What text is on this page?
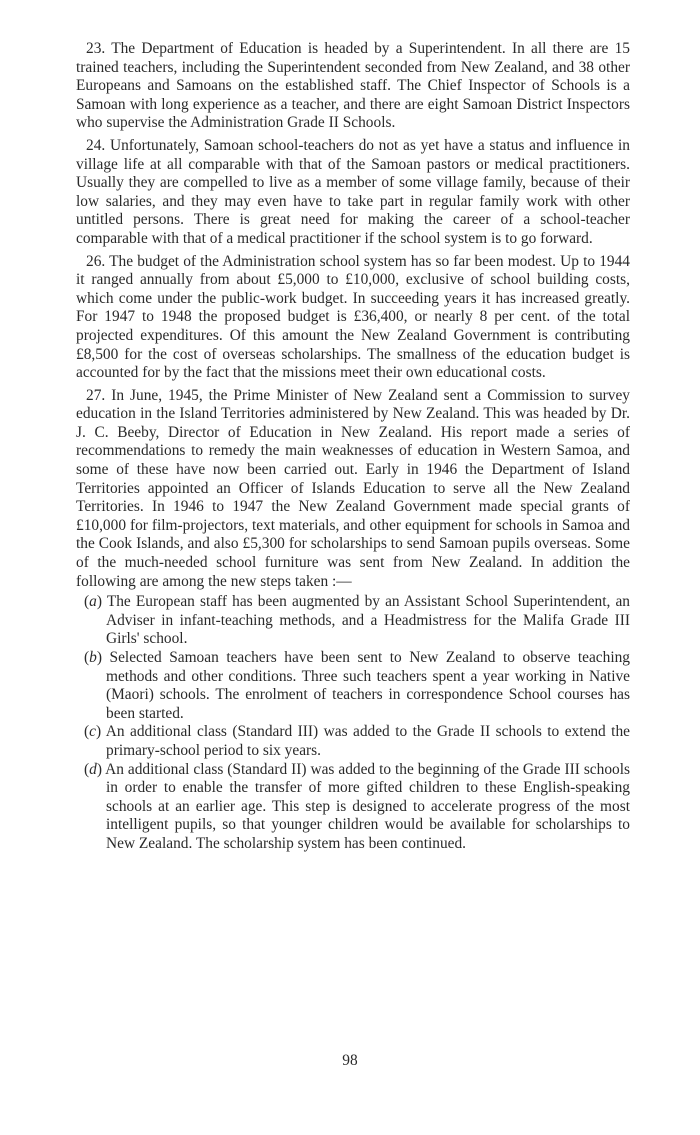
23. The Department of Education is headed by a Superintendent. In all there are 15 trained teachers, including the Superintendent seconded from New Zealand, and 38 other Europeans and Samoans on the established staff. The Chief Inspector of Schools is a Samoan with long experience as a teacher, and there are eight Samoan District Inspectors who supervise the Administration Grade II Schools.

24. Unfortunately, Samoan school-teachers do not as yet have a status and influence in village life at all comparable with that of the Samoan pastors or medical practitioners. Usually they are compelled to live as a member of some village family, because of their low salaries, and they may even have to take part in regular family work with other untitled persons. There is great need for making the career of a school-teacher comparable with that of a medical practitioner if the school system is to go forward.

26. The budget of the Administration school system has so far been modest. Up to 1944 it ranged annually from about £5,000 to £10,000, exclusive of school building costs, which come under the public-work budget. In succeeding years it has increased greatly. For 1947 to 1948 the proposed budget is £36,400, or nearly 8 per cent. of the total projected expenditures. Of this amount the New Zealand Government is contributing £8,500 for the cost of overseas scholarships. The smallness of the education budget is accounted for by the fact that the missions meet their own educational costs.

27. In June, 1945, the Prime Minister of New Zealand sent a Commission to survey education in the Island Territories administered by New Zealand. This was headed by Dr. J. C. Beeby, Director of Education in New Zealand. His report made a series of recommendations to remedy the main weaknesses of education in Western Samoa, and some of these have now been carried out. Early in 1946 the Department of Island Territories appointed an Officer of Islands Education to serve all the New Zealand Territories. In 1946 to 1947 the New Zealand Government made special grants of £10,000 for film-projectors, text materials, and other equipment for schools in Samoa and the Cook Islands, and also £5,300 for scholarships to send Samoan pupils overseas. Some of the much-needed school furniture was sent from New Zealand. In addition the following are among the new steps taken :—

(a) The European staff has been augmented by an Assistant School Superintendent, an Adviser in infant-teaching methods, and a Headmistress for the Malifa Grade III Girls' school.
(b) Selected Samoan teachers have been sent to New Zealand to observe teaching methods and other conditions. Three such teachers spent a year working in Native (Maori) schools. The enrolment of teachers in correspondence School courses has been started.
(c) An additional class (Standard III) was added to the Grade II schools to extend the primary-school period to six years.
(d) An additional class (Standard II) was added to the beginning of the Grade III schools in order to enable the transfer of more gifted children to these English-speaking schools at an earlier age. This step is designed to accelerate progress of the most intelligent pupils, so that younger children would be available for scholarships to New Zealand. The scholarship system has been continued.
98
